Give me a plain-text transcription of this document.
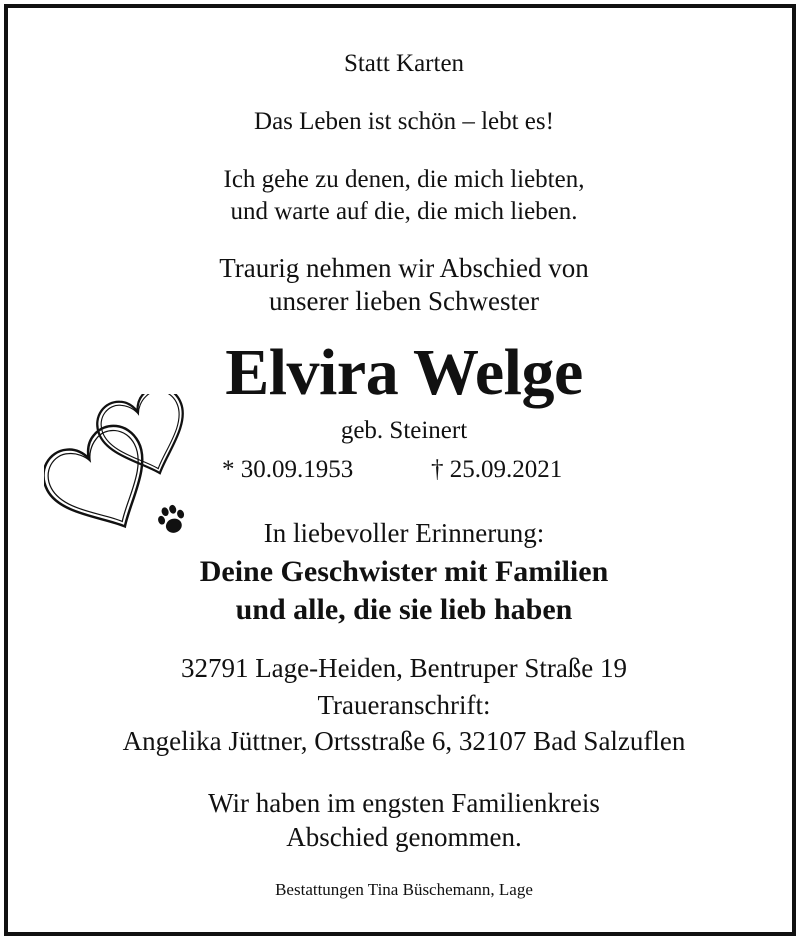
Statt Karten
Das Leben ist schön – lebt es!
Ich gehe zu denen, die mich liebten,
und warte auf die, die mich lieben.
Traurig nehmen wir Abschied von
unserer lieben Schwester
Elvira Welge
geb. Steinert
* 30.09.1953	† 25.09.2021
In liebevoller Erinnerung:
Deine Geschwister mit Familien
und alle, die sie lieb haben
32791 Lage-Heiden, Bentruper Straße 19
Traueranschrift:
Angelika Jüttner, Ortsstraße 6, 32107 Bad Salzuflen
Wir haben im engsten Familienkreis
Abschied genommen.
Bestattungen Tina Büschemann, Lage
